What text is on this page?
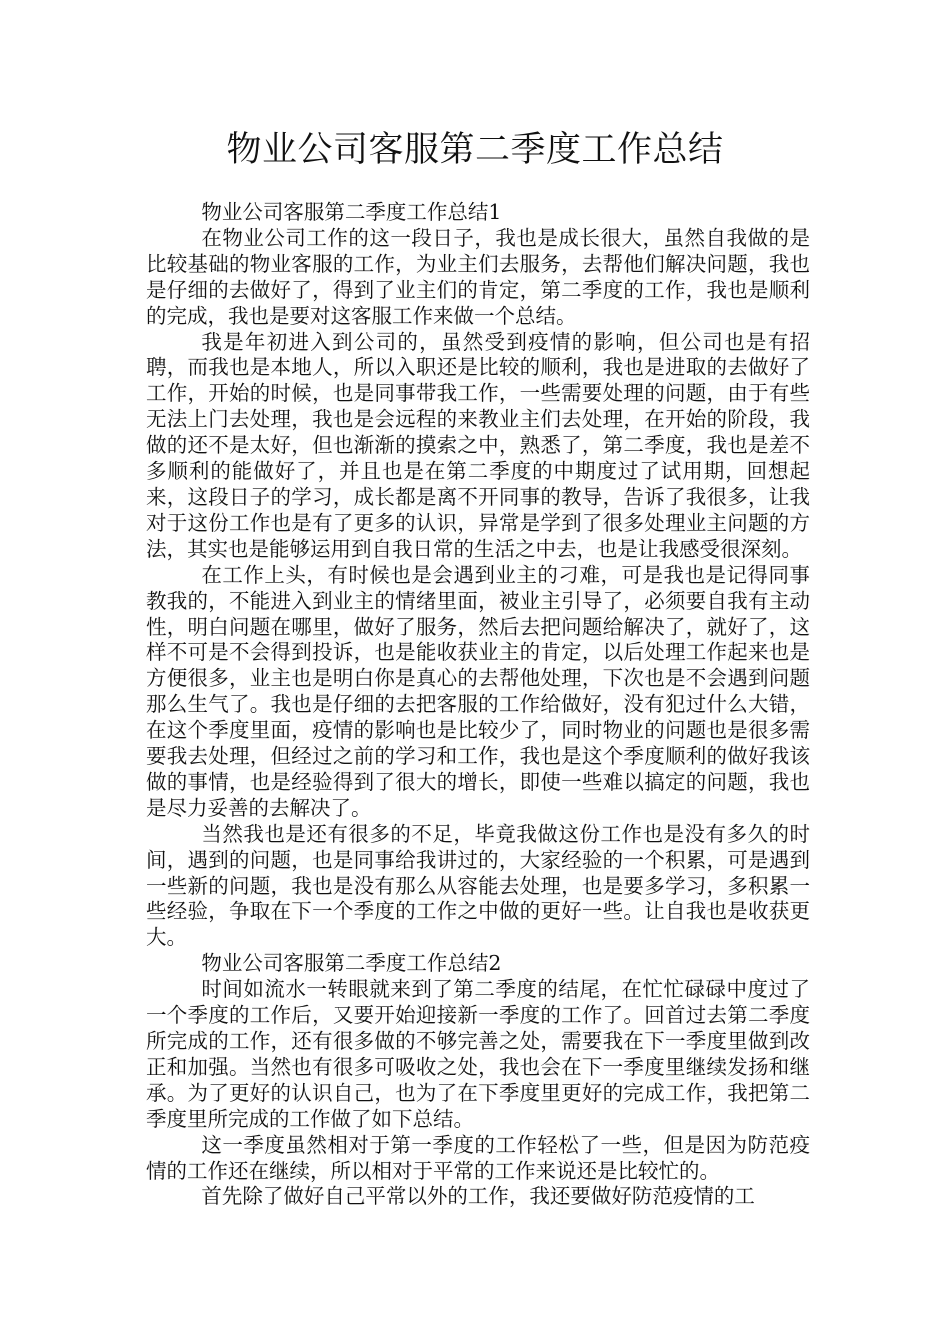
物业公司客服第二季度工作总结

物业公司客服第二季度工作总结1

在物业公司工作的这一段日子，我也是成长很大，虽然自我做的是比较基础的物业客服的工作，为业主们去服务，去帮他们解决问题，我也是仔细的去做好了，得到了业主们的肯定，第二季度的工作，我也是顺利的完成，我也是要对这客服工作来做一个总结。

我是年初进入到公司的，虽然受到疫情的影响，但公司也是有招聘，而我也是本地人，所以入职还是比较的顺利，我也是进取的去做好了工作，开始的时候，也是同事带我工作，一些需要处理的问题，由于有些无法上门去处理，我也是会远程的来教业主们去处理，在开始的阶段，我做的还不是太好，但也渐渐的摸索之中，熟悉了，第二季度，我也是差不多顺利的能做好了，并且也是在第二季度的中期度过了试用期，回想起来，这段日子的学习，成长都是离不开同事的教导，告诉了我很多，让我对于这份工作也是有了更多的认识，异常是学到了很多处理业主问题的方法，其实也是能够运用到自我日常的生活之中去，也是让我感受很深刻。

在工作上头，有时候也是会遇到业主的刁难，可是我也是记得同事教我的，不能进入到业主的情绪里面，被业主引导了，必须要自我有主动性，明白问题在哪里，做好了服务，然后去把问题给解决了，就好了，这样不可是不会得到投诉，也是能收获业主的肯定，以后处理工作起来也是方便很多，业主也是明白你是真心的去帮他处理，下次也是不会遇到问题那么生气了。我也是仔细的去把客服的工作给做好，没有犯过什么大错，在这个季度里面，疫情的影响也是比较少了，同时物业的问题也是很多需要我去处理，但经过之前的学习和工作，我也是这个季度顺利的做好我该做的事情，也是经验得到了很大的增长，即使一些难以搞定的问题，我也是尽力妥善的去解决了。

当然我也是还有很多的不足，毕竟我做这份工作也是没有多久的时间，遇到的问题，也是同事给我讲过的，大家经验的一个积累，可是遇到一些新的问题，我也是没有那么从容能去处理，也是要多学习，多积累一些经验，争取在下一个季度的工作之中做的更好一些。让自我也是收获更大。

物业公司客服第二季度工作总结2

时间如流水一转眼就来到了第二季度的结尾，在忙忙碌碌中度过了一个季度的工作后，又要开始迎接新一季度的工作了。回首过去第二季度所完成的工作，还有很多做的不够完善之处，需要我在下一季度里做到改正和加强。当然也有很多可吸收之处，我也会在下一季度里继续发扬和继承。为了更好的认识自己，也为了在下季度里更好的完成工作，我把第二季度里所完成的工作做了如下总结。

这一季度虽然相对于第一季度的工作轻松了一些，但是因为防范疫情的工作还在继续，所以相对于平常的工作来说还是比较忙的。

首先除了做好自己平常以外的工作，我还要做好防范疫情的工
